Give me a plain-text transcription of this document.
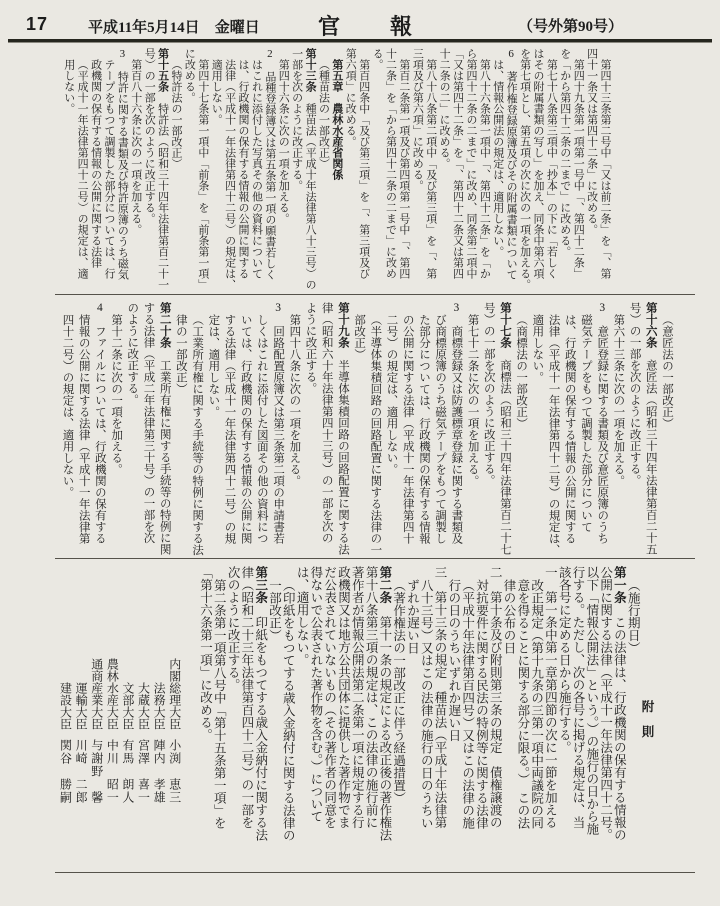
17	平成11年5月14日　 金曜日	官　　報	（号外第90号）
第四十三条第二号中「又は前二条」を「、第
四十一条又は第四十二条」に改める。
第四十九条第一項第一号中「、第四十二条」
を「から第四十二条の二まで」に改める。
第七十八条第三項中「抄本」の下に「若しく
はその附属書類の写し」を加え、同条中第六項
を第七項とし、第五項の次に次の一項を加える。
6　著作権登録原簿及びその附属書類について
は、情報公開法の規定は、適用しない。
第八十六条第一項中「、第四十二条」を「か
ら第四十二条の二まで」に改め、同条第二項中
「又は第四十二条」を「、第四十二条又は第四
十二条の二」に改める。
第八十八条第二項中「及び第三項」を「、第
三項及び第六項」に改める。
第百二条第一項及び第四項第一号中「、第四
十二条」を「から第四十二条の二まで」に改め
る。
第百四条中「及び第三項」を「、第三項及び
第六項」に改める。
第五章　農林水産省関係
（種苗法の一部改正）
第十三条　種苗法（平成十年法律第八十三号）の
一部を次のように改正する。
第四十六条に次の一項を加える。
2　品種登録簿又は第五条第一項の願書若しく
はこれに添付した写真その他の資料について
は、行政機関の保有する情報の公開に関する
法律（平成十一年法律第四十二号）の規定は、
適用しない。
第四十七条第一項中「前条」を「前条第一項」
に改める。
（特許法の一部改正）
第十五条　特許法（昭和三十四年法律第百二十一
号）の一部を次のように改正する。
第百八十六条に次の一項を加える。
3　特許に関する書類及び特許原簿のうち磁気
テープをもつて調製した部分については、行
政機関の保有する情報の公開に関する法律
（平成十一年法律第四十二号）の規定は、適
用しない。
（意匠法の一部改正）
第十六条　意匠法（昭和三十四年法律第百二十五
号）の一部を次のように改正する。
第六十三条に次の一項を加える。
3　意匠登録に関する書類及び意匠原簿のうち
磁気テープをもつて調製した部分について
は、行政機関の保有する情報の公開に関する
法律（平成十一年法律第四十二号）の規定は、
適用しない。
（商標法の一部改正）
第十七条　商標法（昭和三十四年法律第百二十七
号）の一部を次のように改正する。
第七十二条に次の一項を加える。
3　商標登録又は防護標章登録に関する書類及
び商標原簿のうち磁気テープをもつて調製し
た部分については、行政機関の保有する情報
の公開に関する法律（平成十一年法律第四十
二号）の規定は、適用しない。
（半導体集積回路の回路配置に関する法律の一
部改正）
第十九条　半導体集積回路の回路配置に関する法
律（昭和六十年法律第四十三号）の一部を次の
ように改正する。
第四十八条に次の一項を加える。
3　回路配置原簿又は第三条第二項の申請書若
しくはこれに添付した図面その他の資料につ
いては、行政機関の保有する情報の公開に関
する法律（平成十一年法律第四十二号）の規
定は、適用しない。
（工業所有権に関する手続等の特例に関する法
律の一部改正）
第二十条　工業所有権に関する手続等の特例に関
する法律（平成二年法律第三十号）の一部を次
のように改正する。
第十二条に次の一項を加える。
4　ファイルについては、行政機関の保有する
情報の公開に関する法律（平成十一年法律第
四十二号）の規定は、適用しない。
附　則
（施行期日）
第一条　この法律は、行政機関の保有する情報の
公開に関する法律（平成十一年法律第四十二号。
以下「情報公開法」という。）の施行の日から施
行する。ただし、次の各号に掲げる規定は、当
該各号に定める日から施行する。
一　第一条中第一章第四節の次に一節を加える
改正規定（第十九条の三第一項中両議院の同
意を得ることに関する部分に限る。）　この法
律の公布の日
二　第十条及び附則第三条の規定　債権譲渡の
対抗要件に関する民法の特例等に関する法律
（平成十年法律第百四号）又はこの法律の施
行の日のうちいずれか遅い日
三　第十三条の規定　種苗法（平成十年法律第
八十三号）又はこの法律の施行の日のうちい
ずれか遅い日
（著作権法の一部改正に伴う経過措置）
第二条　第十一条の規定による改正後の著作権法
第十八条第三項の規定は、この法律の施行前に
著作者が情報公開法第二条第一項に規定する行
政機関又は地方公共団体に提供した著作物でま
だ公表されていないもの（その著作者の同意を
得ないで公表された著作物を含む。）について
は、適用しない。
（印紙をもつてする歳入金納付に関する法律の
一部改正）
第三条　印紙をもつてする歳入金納付に関する法
律（昭和二十三年法律第百四十二号）の一部を
次のように改正する。
第二条第一項第八号中「第十五条第一項」を
「第十六条第一項」に改める。
内閣総理大臣
小渕　恵三
法務大臣
陣内　孝雄
大蔵大臣
宮澤　喜一
文部大臣
有馬　朗人
農林水産大臣
中川　昭一
通商産業大臣
与謝野　馨
運輸大臣
川崎　二郎
建設大臣
関谷　勝嗣
